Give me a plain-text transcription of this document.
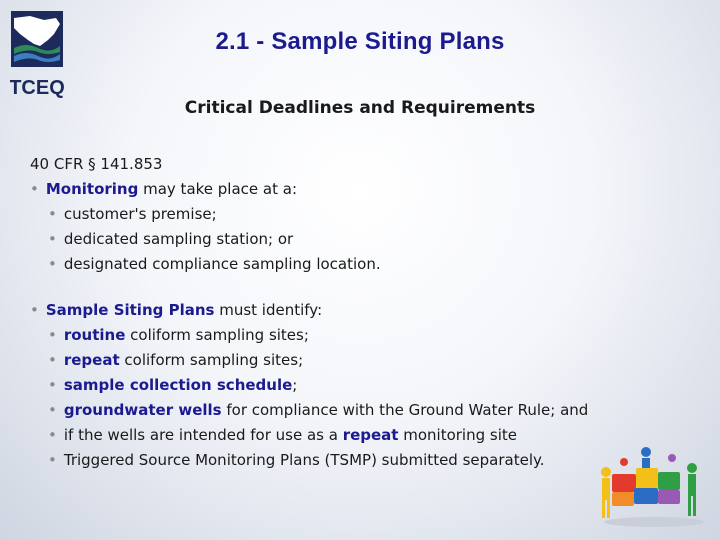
TCEQ
2.1 - Sample Siting Plans
Critical Deadlines and Requirements
40 CFR § 141.853
• Monitoring may take place at a:
• customer's premise;
• dedicated sampling station; or
• designated compliance sampling location.
• Sample Siting Plans must identify:
• routine coliform sampling sites;
• repeat coliform sampling sites;
• sample collection schedule;
• groundwater wells for compliance with the Ground Water Rule; and
• if the wells are intended for use as a repeat monitoring site
• Triggered Source Monitoring Plans (TSMP) submitted separately.
